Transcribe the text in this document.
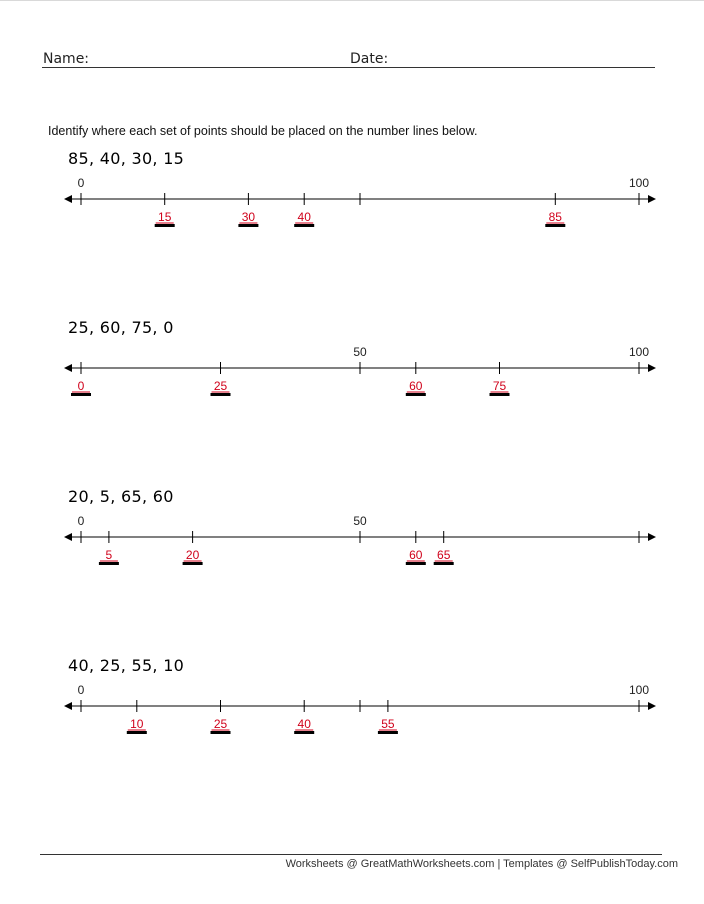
Name:	Date:
Identify where each set of points should be placed on the number lines below.
85, 40, 30, 15
0	100
15	30	40	85
25, 60, 75, 0
50	100
0	25	60	75
20, 5, 65, 60
0	50
5	20	60 65
40, 25, 55, 10
0	100
10	25	40	55
Worksheets @ GreatMathWorksheets.com | Templates @ SelfPublishToday.com
